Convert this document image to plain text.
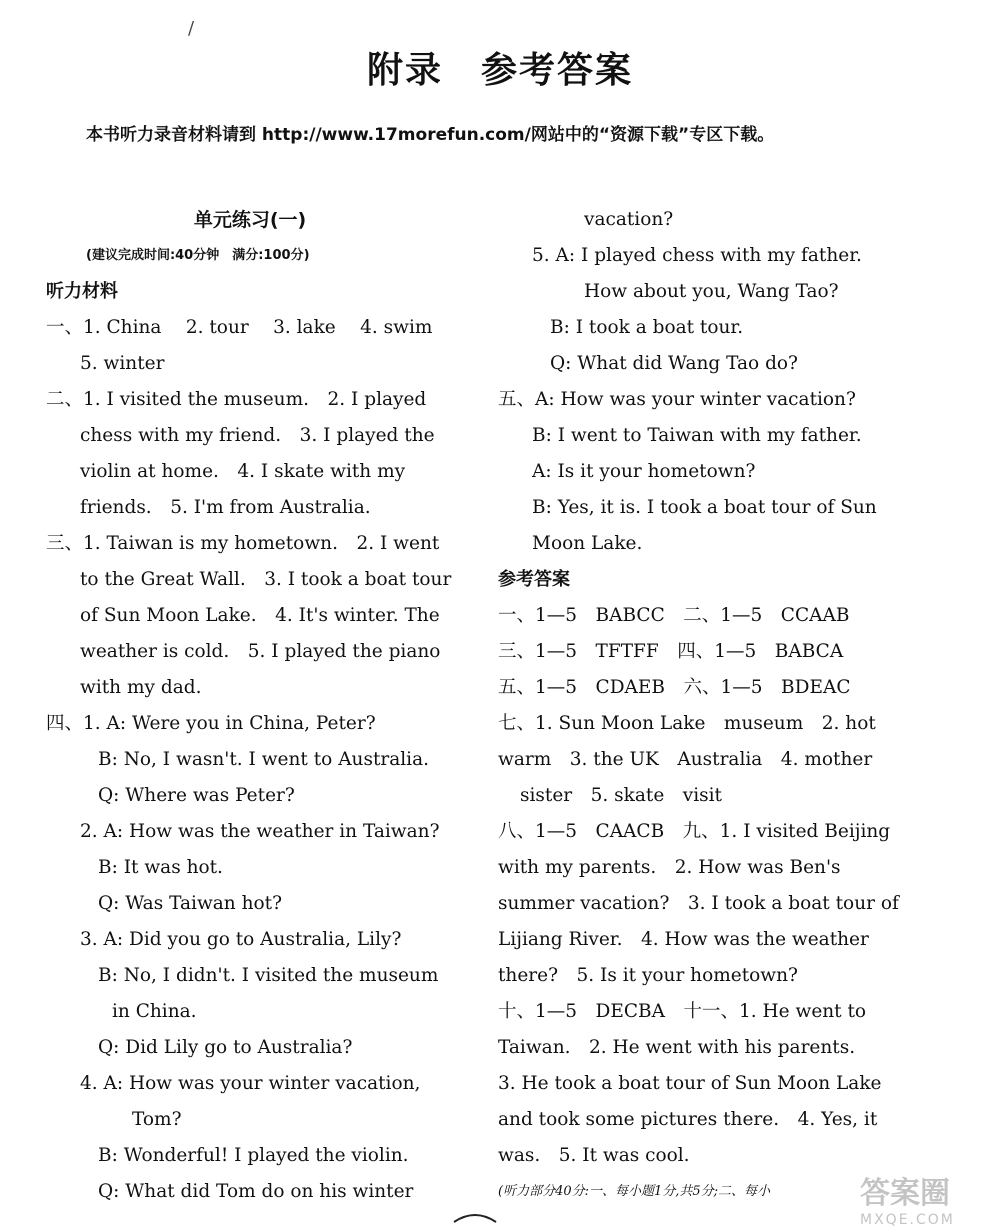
/
附录　参考答案
本书听力录音材料请到 http://www.17morefun.com/网站中的“资源下载”专区下载。
单元练习(一)
(建议完成时间:40分钟　满分:100分)
听力材料
一、1. China　 2. tour　 3. lake　 4. swim
5. winter
二、1. I visited the museum.　2. I played
chess with my friend.　3. I played the
violin at home.　4. I skate with my
friends.　5. I'm from Australia.
三、1. Taiwan is my hometown.　2. I went
to the Great Wall.　3. I took a boat tour
of Sun Moon Lake.　4. It's winter. The
weather is cold.　5. I played the piano
with my dad.
四、1. A: Were you in China, Peter?
B: No, I wasn't. I went to Australia.
Q: Where was Peter?
2. A: How was the weather in Taiwan?
B: It was hot.
Q: Was Taiwan hot?
3. A: Did you go to Australia, Lily?
B: No, I didn't. I visited the museum
in China.
Q: Did Lily go to Australia?
4. A: How was your winter vacation,
Tom?
B: Wonderful! I played the violin.
Q: What did Tom do on his winter
vacation?
5. A: I played chess with my father.
How about you, Wang Tao?
B: I took a boat tour.
Q: What did Wang Tao do?
五、A: How was your winter vacation?
B: I went to Taiwan with my father.
A: Is it your hometown?
B: Yes, it is. I took a boat tour of Sun
Moon Lake.
参考答案
一、1—5　BABCC　二、1—5　CCAAB
三、1—5　TFTFF　四、1—5　BABCA
五、1—5　CDAEB　六、1—5　BDEAC
七、1. Sun Moon Lake　museum　2. hot
warm　3. the UK　Australia　4. mother
sister　5. skate　visit
八、1—5　CAACB　九、1. I visited Beijing
with my parents.　2. How was Ben's
summer vacation?　3. I took a boat tour of
Lijiang River.　4. How was the weather
there?　5. Is it your hometown?
十、1—5　DECBA　十一、1. He went to
Taiwan.　2. He went with his parents.
3. He took a boat tour of Sun Moon Lake
and took some pictures there.　4. Yes, it
was.　5. It was cool.
(听力部分40分:一、每小题1分,共5分;二、每小	答案圈
MXQE.COM
